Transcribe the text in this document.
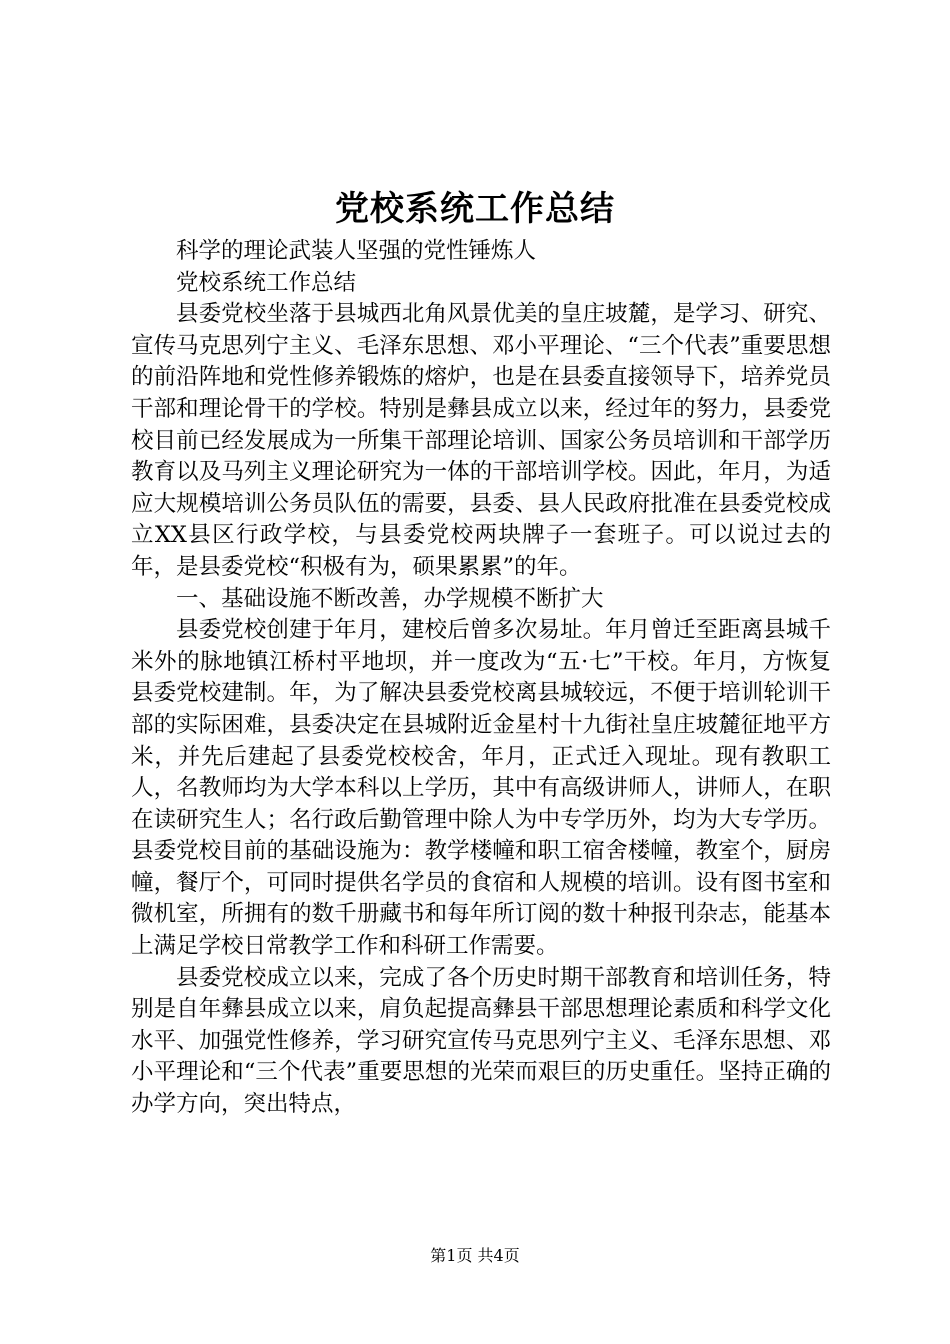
党校系统工作总结

科学的理论武装人坚强的党性锤炼人

党校系统工作总结

县委党校坐落于县城西北角风景优美的皇庄坡麓，是学习、研究、宣传马克思列宁主义、毛泽东思想、邓小平理论、“三个代表”重要思想的前沿阵地和党性修养锻炼的熔炉，也是在县委直接领导下，培养党员干部和理论骨干的学校。特别是彝县成立以来，经过年的努力，县委党校目前已经发展成为一所集干部理论培训、国家公务员培训和干部学历教育以及马列主义理论研究为一体的干部培训学校。因此，年月，为适应大规模培训公务员队伍的需要，县委、县人民政府批准在县委党校成立XX县区行政学校，与县委党校两块牌子一套班子。可以说过去的年，是县委党校“积极有为，硕果累累”的年。

一、基础设施不断改善，办学规模不断扩大

县委党校创建于年月，建校后曾多次易址。年月曾迁至距离县城千米外的脉地镇江桥村平地坝，并一度改为“五·七”干校。年月，方恢复县委党校建制。年，为了解决县委党校离县城较远，不便于培训轮训干部的实际困难，县委决定在县城附近金星村十九街社皇庄坡麓征地平方米，并先后建起了县委党校校舍，年月，正式迁入现址。现有教职工人，名教师均为大学本科以上学历，其中有高级讲师人，讲师人，在职在读研究生人；名行政后勤管理中除人为中专学历外，均为大专学历。县委党校目前的基础设施为：教学楼幢和职工宿舍楼幢，教室个，厨房幢，餐厅个，可同时提供名学员的食宿和人规模的培训。设有图书室和微机室，所拥有的数千册藏书和每年所订阅的数十种报刊杂志，能基本上满足学校日常教学工作和科研工作需要。

县委党校成立以来，完成了各个历史时期干部教育和培训任务，特别是自年彝县成立以来，肩负起提高彝县干部思想理论素质和科学文化水平、加强党性修养，学习研究宣传马克思列宁主义、毛泽东思想、邓小平理论和“三个代表”重要思想的光荣而艰巨的历史重任。坚持正确的办学方向，突出特点，

第1页 共4页
